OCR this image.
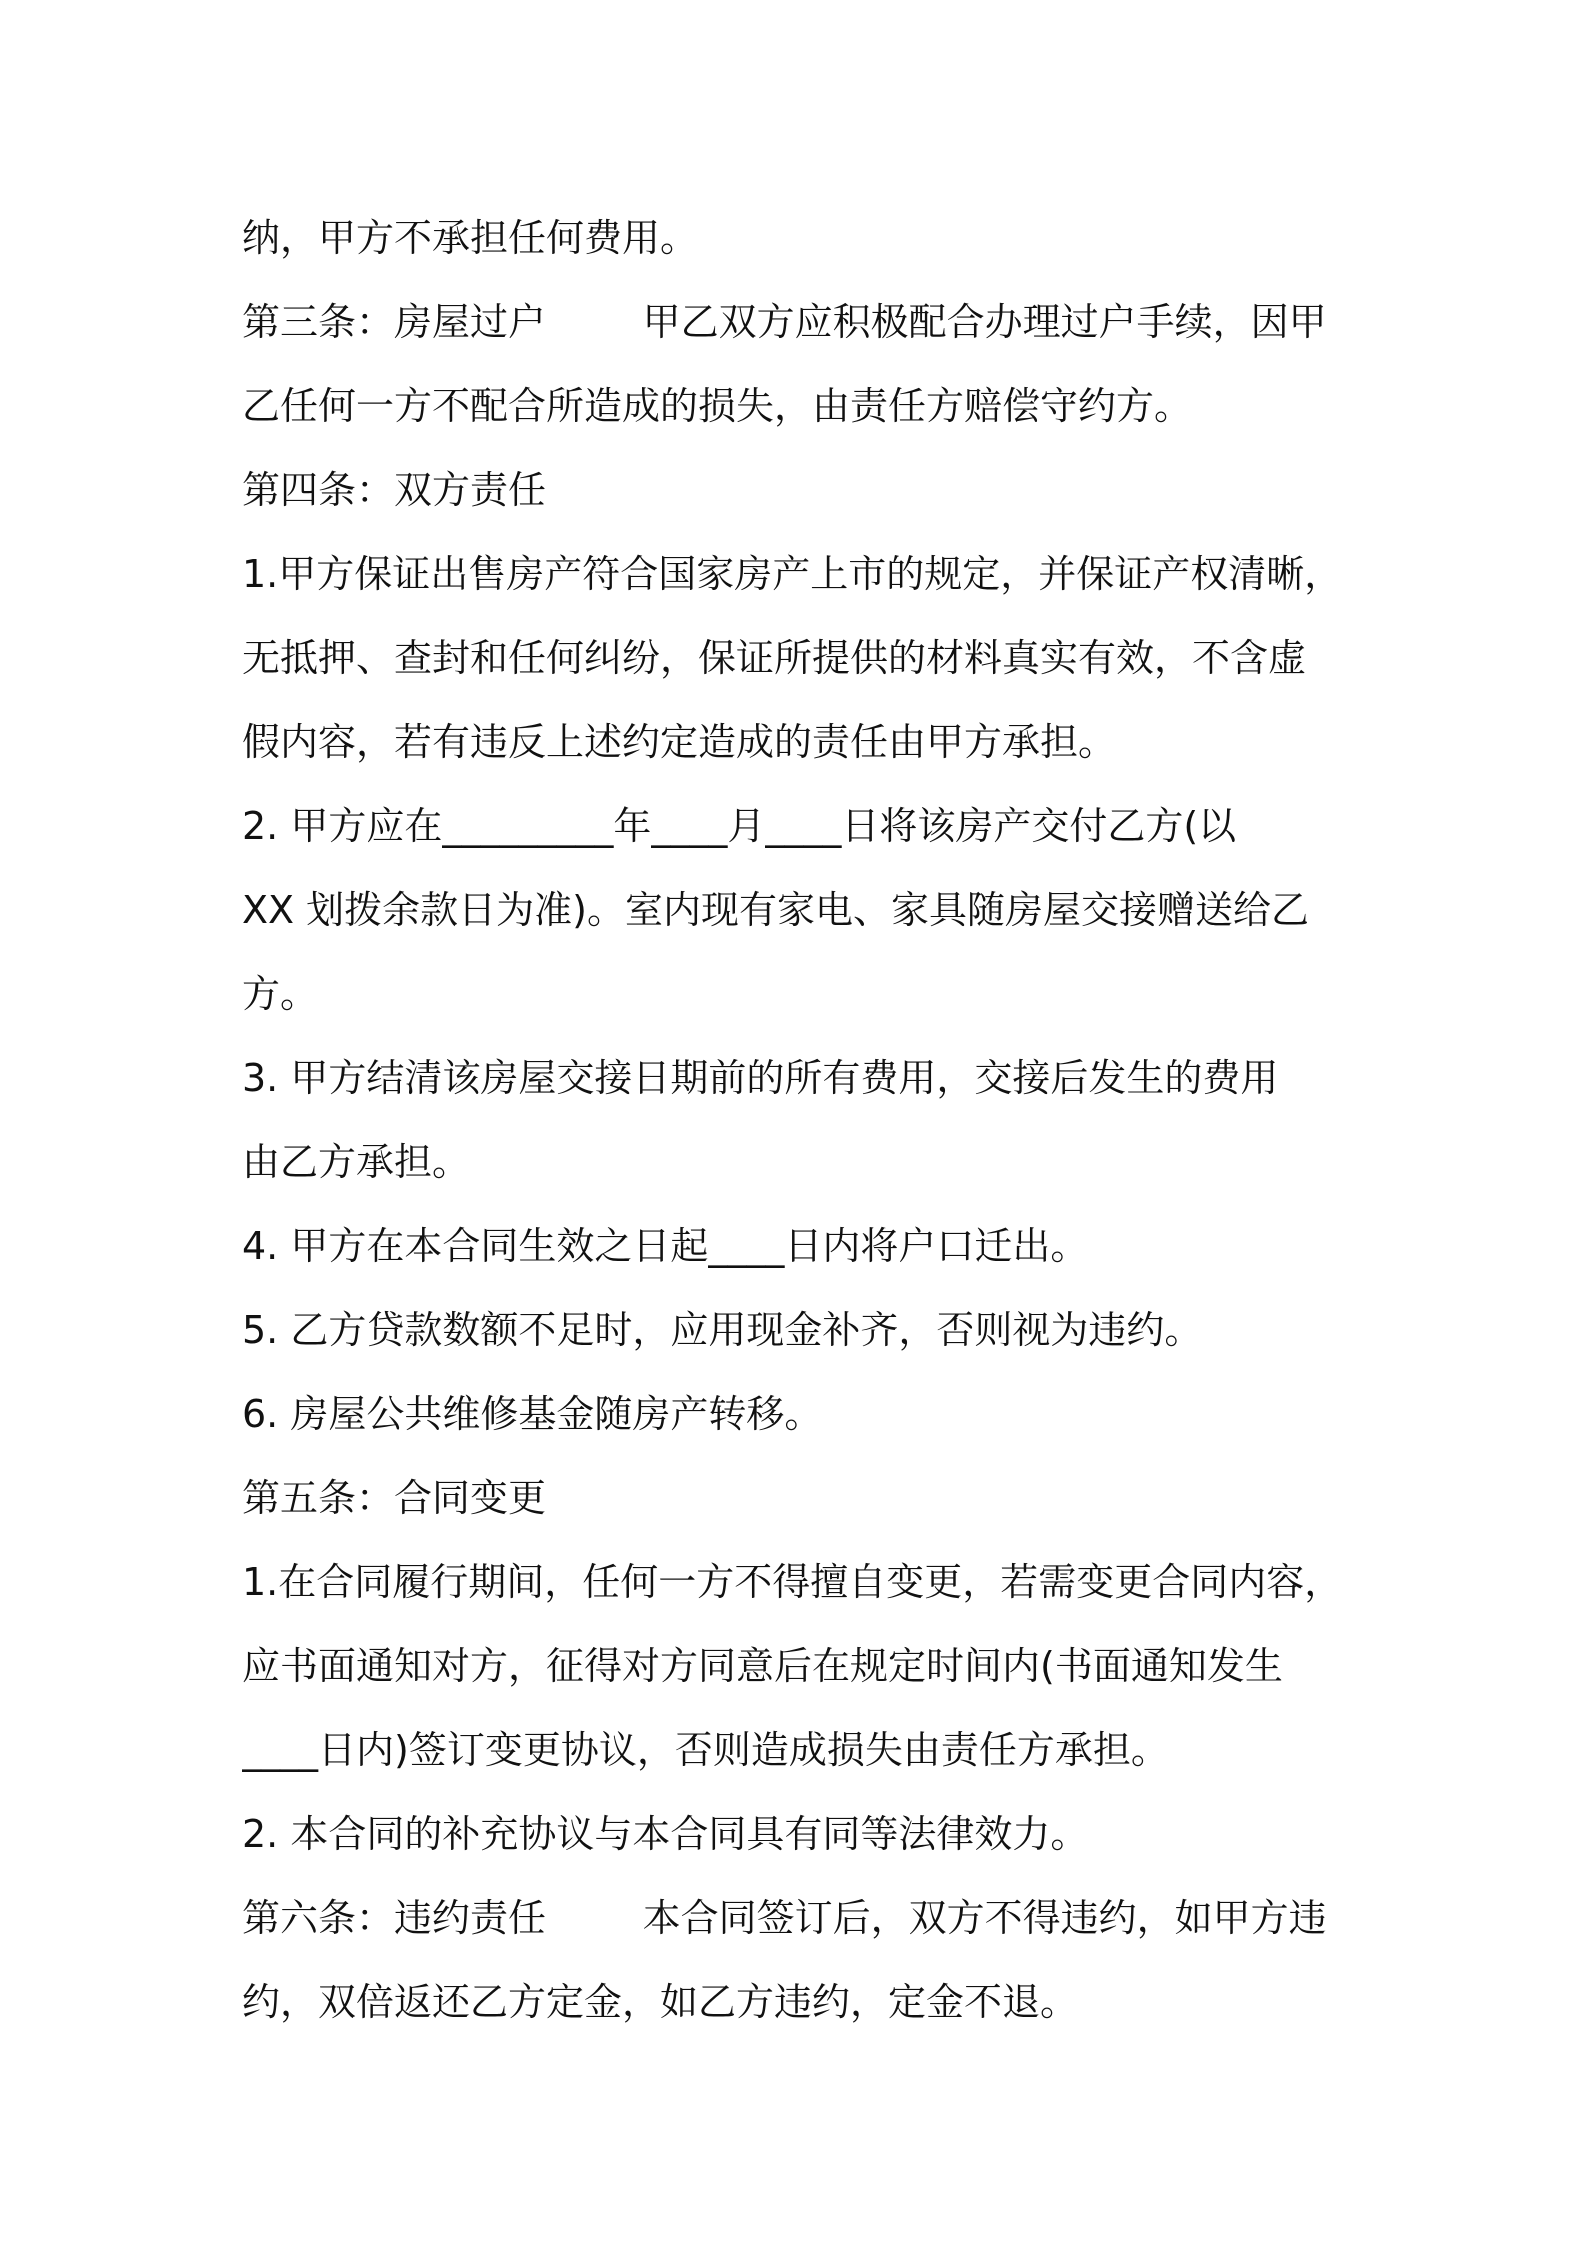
纳，甲方不承担任何费用。
第三条：房屋过户        甲乙双方应积极配合办理过户手续，因甲
乙任何一方不配合所造成的损失，由责任方赔偿守约方。
第四条：双方责任
1.甲方保证出售房产符合国家房产上市的规定，并保证产权清晰，
无抵押、查封和任何纠纷，保证所提供的材料真实有效，不含虚
假内容，若有违反上述约定造成的责任由甲方承担。
2. 甲方应在_________年____月____日将该房产交付乙方(以
XX 划拨余款日为准)。室内现有家电、家具随房屋交接赠送给乙
方。
3. 甲方结清该房屋交接日期前的所有费用，交接后发生的费用
由乙方承担。
4. 甲方在本合同生效之日起____日内将户口迁出。
5. 乙方贷款数额不足时，应用现金补齐，否则视为违约。
6. 房屋公共维修基金随房产转移。
第五条：合同变更
1.在合同履行期间，任何一方不得擅自变更，若需变更合同内容，
应书面通知对方，征得对方同意后在规定时间内(书面通知发生
____日内)签订变更协议，否则造成损失由责任方承担。
2. 本合同的补充协议与本合同具有同等法律效力。
第六条：违约责任        本合同签订后，双方不得违约，如甲方违
约，双倍返还乙方定金，如乙方违约，定金不退。
